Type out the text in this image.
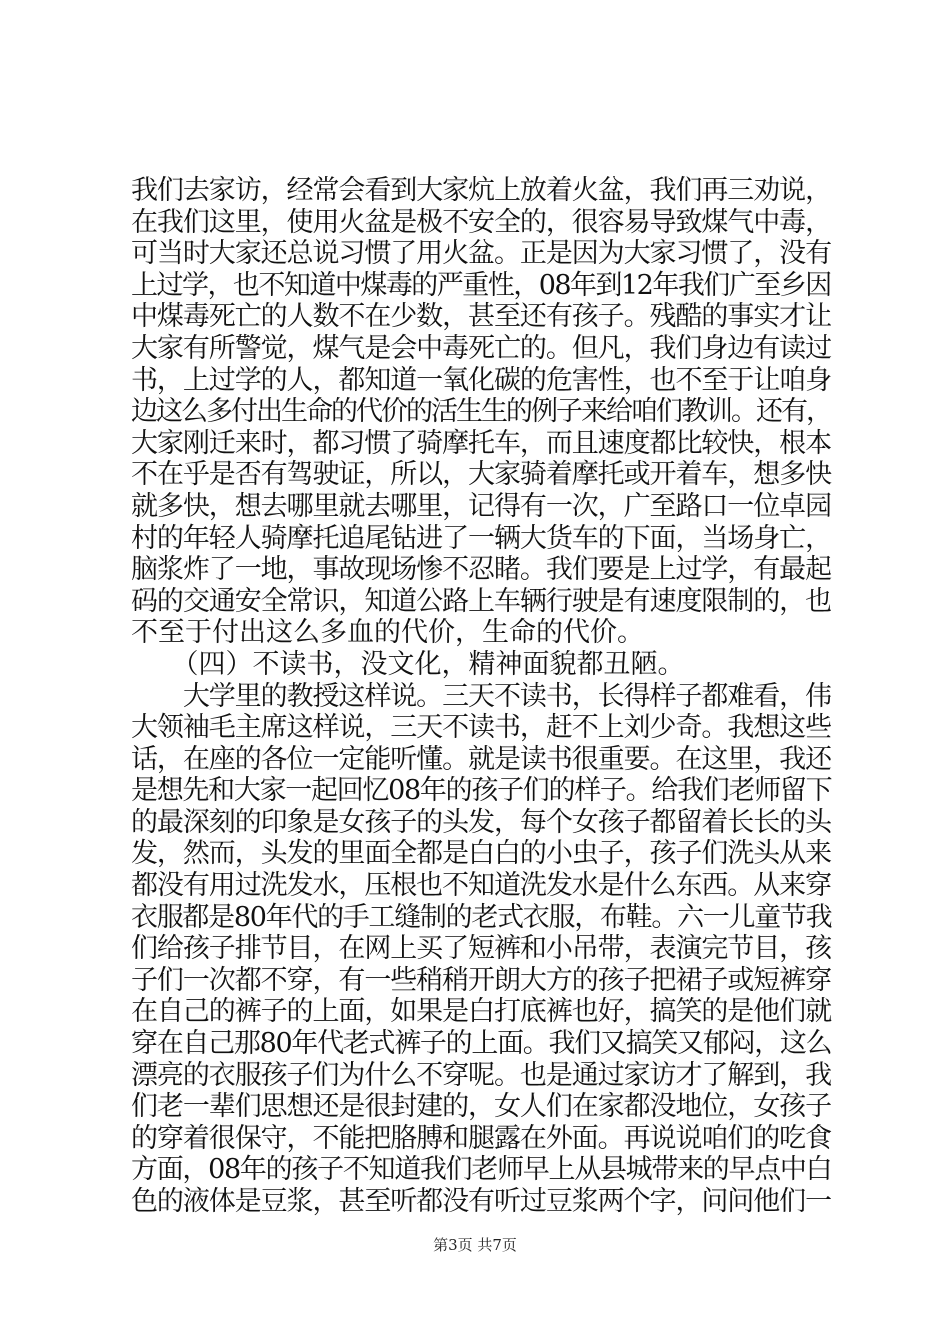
我们去家访，经常会看到大家炕上放着火盆，我们再三劝说，
在我们这里，使用火盆是极不安全的，很容易导致煤气中毒，
可当时大家还总说习惯了用火盆。正是因为大家习惯了，没有
上过学，也不知道中煤毒的严重性，08年到12年我们广至乡因
中煤毒死亡的人数不在少数，甚至还有孩子。残酷的事实才让
大家有所警觉，煤气是会中毒死亡的。但凡，我们身边有读过
书，上过学的人，都知道一氧化碳的危害性，也不至于让咱身
边这么多付出生命的代价的活生生的例子来给咱们教训。还有，
大家刚迁来时，都习惯了骑摩托车，而且速度都比较快，根本
不在乎是否有驾驶证，所以，大家骑着摩托或开着车，想多快
就多快，想去哪里就去哪里，记得有一次，广至路口一位卓园
村的年轻人骑摩托追尾钻进了一辆大货车的下面，当场身亡，
脑浆炸了一地，事故现场惨不忍睹。我们要是上过学，有最起
码的交通安全常识，知道公路上车辆行驶是有速度限制的，也
不至于付出这么多血的代价，生命的代价。
　　（四）不读书，没文化，精神面貌都丑陋。
　　大学里的教授这样说。三天不读书，长得样子都难看，伟
大领袖毛主席这样说，三天不读书，赶不上刘少奇。我想这些
话，在座的各位一定能听懂。就是读书很重要。在这里，我还
是想先和大家一起回忆08年的孩子们的样子。给我们老师留下
的最深刻的印象是女孩子的头发，每个女孩子都留着长长的头
发，然而，头发的里面全都是白白的小虫子，孩子们洗头从来
都没有用过洗发水，压根也不知道洗发水是什么东西。从来穿
衣服都是80年代的手工缝制的老式衣服，布鞋。六一儿童节我
们给孩子排节目，在网上买了短裤和小吊带，表演完节目，孩
子们一次都不穿，有一些稍稍开朗大方的孩子把裙子或短裤穿
在自己的裤子的上面，如果是白打底裤也好，搞笑的是他们就
穿在自己那80年代老式裤子的上面。我们又搞笑又郁闷，这么
漂亮的衣服孩子们为什么不穿呢。也是通过家访才了解到，我
们老一辈们思想还是很封建的，女人们在家都没地位，女孩子
的穿着很保守，不能把胳膊和腿露在外面。再说说咱们的吃食
方面，08年的孩子不知道我们老师早上从县城带来的早点中白
色的液体是豆浆，甚至听都没有听过豆浆两个字，问问他们一
第3页 共7页
